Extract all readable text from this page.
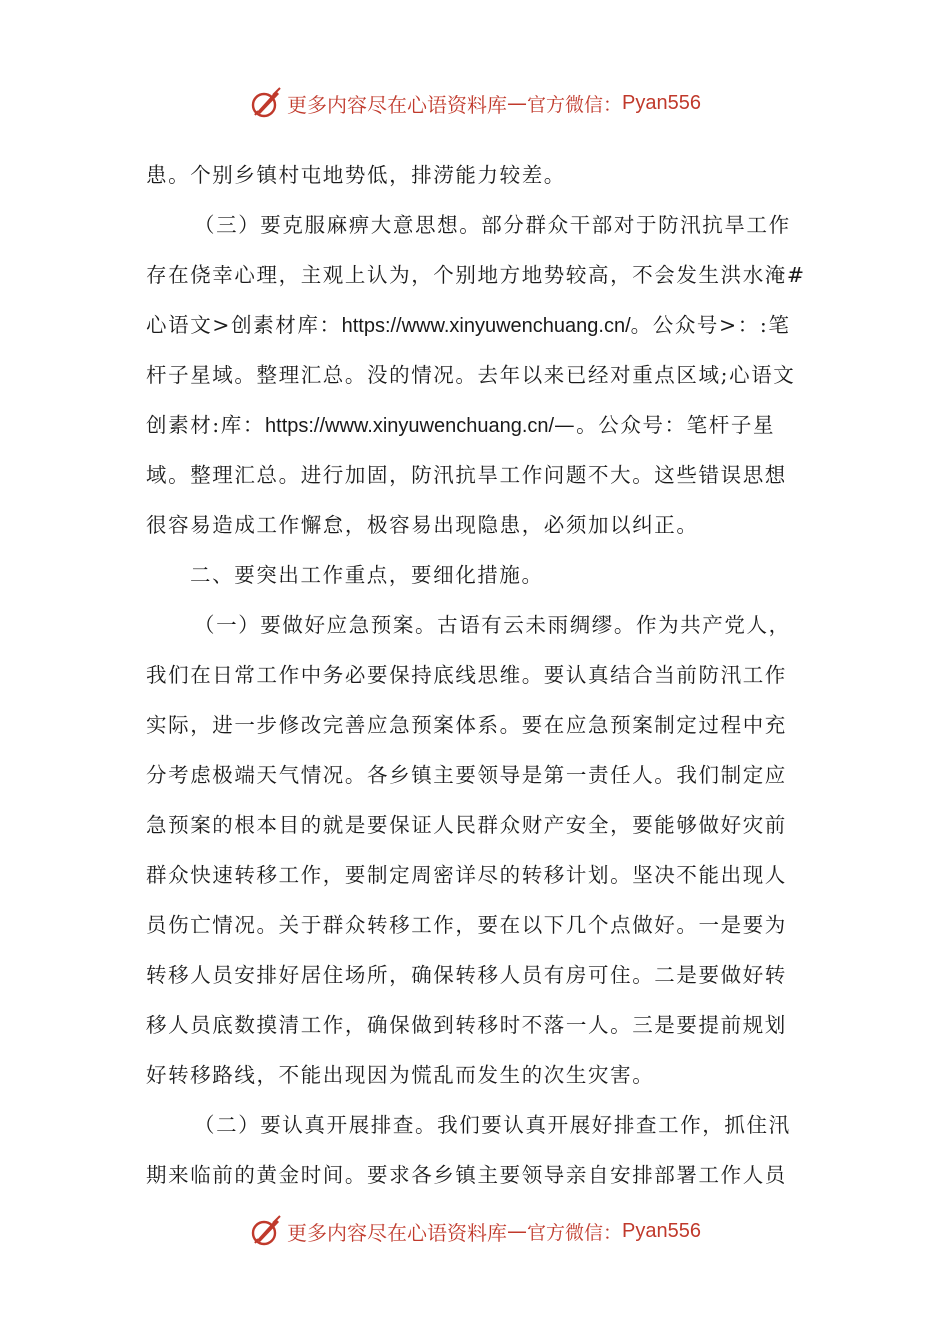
更多内容尽在心语资料库 — 官方微信： Pyan556
患。个别乡镇村屯地势低，排涝能力较差。
（三）要克服麻痹大意思想。部分群众干部对于防汛抗旱工作
存在侥幸心理，主观上认为，个别地方地势较高，不会发生洪水淹#
心语文>创素材库：https://www.xinyuwenchuang.cn/。公众号>：:笔
杆子星域。整理汇总。没的情况。去年以来已经对重点区域;心语文
创素材:库：https://www.xinyuwenchuang.cn/—。公众号：笔杆子星
域。整理汇总。进行加固，防汛抗旱工作问题不大。这些错误思想
很容易造成工作懈怠，极容易出现隐患，必须加以纠正。
二、要突出工作重点，要细化措施。
（一）要做好应急预案。古语有云未雨绸缪。作为共产党人，
我们在日常工作中务必要保持底线思维。要认真结合当前防汛工作
实际，进一步修改完善应急预案体系。要在应急预案制定过程中充
分考虑极端天气情况。各乡镇主要领导是第一责任人。我们制定应
急预案的根本目的就是要保证人民群众财产安全，要能够做好灾前
群众快速转移工作，要制定周密详尽的转移计划。坚决不能出现人
员伤亡情况。关于群众转移工作，要在以下几个点做好。一是要为
转移人员安排好居住场所，确保转移人员有房可住。二是要做好转
移人员底数摸清工作，确保做到转移时不落一人。三是要提前规划
好转移路线，不能出现因为慌乱而发生的次生灾害。
（二）要认真开展排查。我们要认真开展好排查工作，抓住汛
期来临前的黄金时间。要求各乡镇主要领导亲自安排部署工作人员
更多内容尽在心语资料库 — 官方微信： Pyan556
